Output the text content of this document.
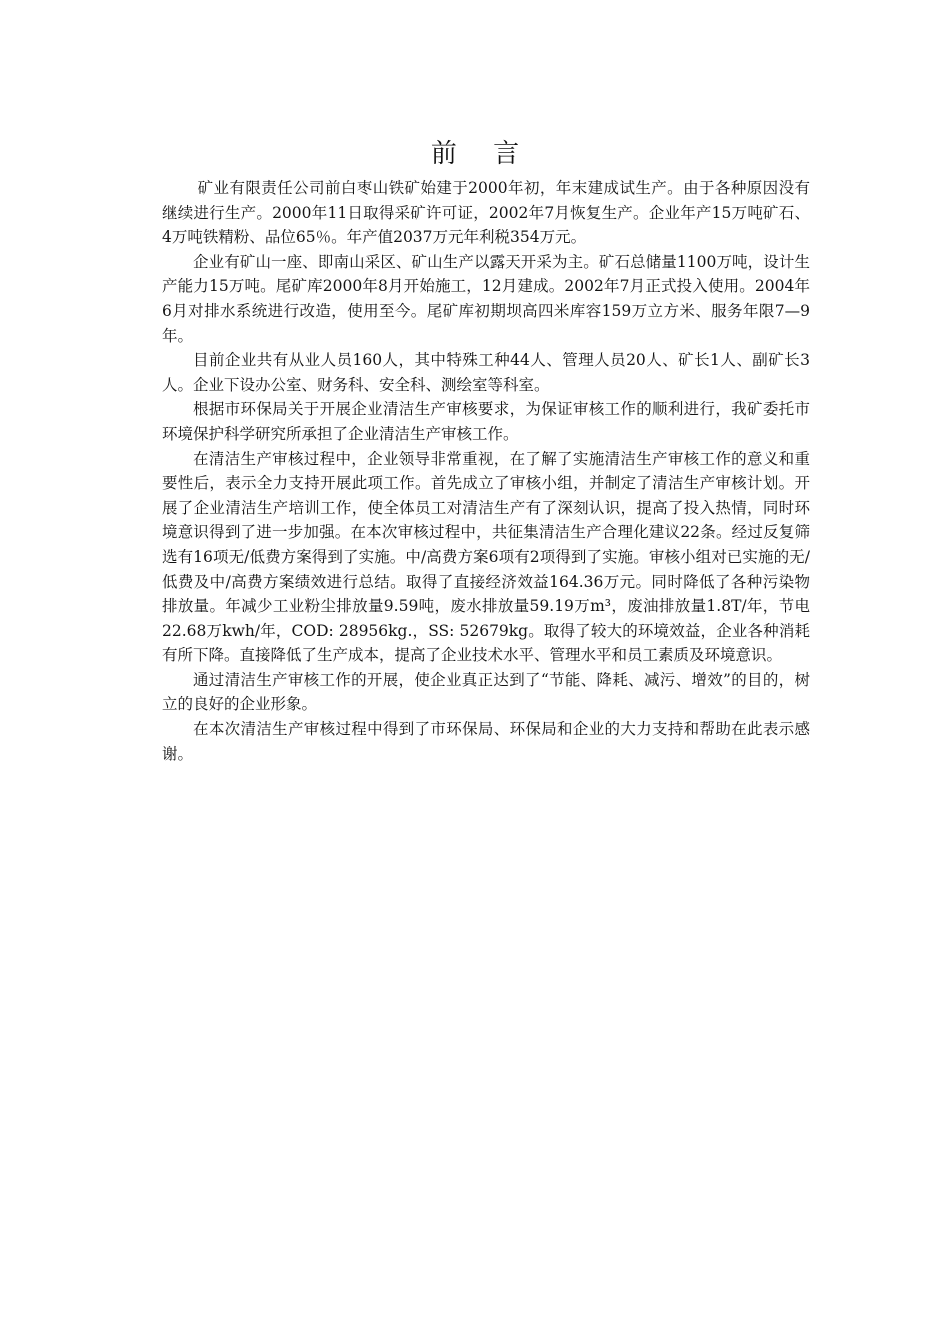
前 言

矿业有限责任公司前白枣山铁矿始建于2000年初，年末建成试生产。由于各种原因没有继续进行生产。2000年11日取得采矿许可证，2002年7月恢复生产。企业年产15万吨矿石、4万吨铁精粉、品位65％。年产值2037万元年利税354万元。

企业有矿山一座、即南山采区、矿山生产以露天开采为主。矿石总储量1100万吨，设计生产能力15万吨。尾矿库2000年8月开始施工，12月建成。2002年7月正式投入使用。2004年6月对排水系统进行改造，使用至今。尾矿库初期坝高四米库容159万立方米、服务年限7—9年。

目前企业共有从业人员160人，其中特殊工种44人、管理人员20人、矿长1人、副矿长3人。企业下设办公室、财务科、安全科、测绘室等科室。

根据市环保局关于开展企业清洁生产审核要求，为保证审核工作的顺利进行，我矿委托市环境保护科学研究所承担了企业清洁生产审核工作。

在清洁生产审核过程中，企业领导非常重视，在了解了实施清洁生产审核工作的意义和重要性后，表示全力支持开展此项工作。首先成立了审核小组，并制定了清洁生产审核计划。开展了企业清洁生产培训工作，使全体员工对清洁生产有了深刻认识，提高了投入热情，同时环境意识得到了进一步加强。在本次审核过程中，共征集清洁生产合理化建议22条。经过反复筛选有16项无/低费方案得到了实施。中/高费方案6项有2项得到了实施。审核小组对已实施的无/低费及中/高费方案绩效进行总结。取得了直接经济效益164.36万元。同时降低了各种污染物排放量。年减少工业粉尘排放量9.59吨，废水排放量59.19万m³，废油排放量1.8T/年，节电22.68万kwh/年，COD: 28956kg.，SS: 52679kg。取得了较大的环境效益，企业各种消耗有所下降。直接降低了生产成本，提高了企业技术水平、管理水平和员工素质及环境意识。

通过清洁生产审核工作的开展，使企业真正达到了“节能、降耗、减污、增效”的目的，树立的良好的企业形象。

在本次清洁生产审核过程中得到了市环保局、环保局和企业的大力支持和帮助在此表示感谢。
